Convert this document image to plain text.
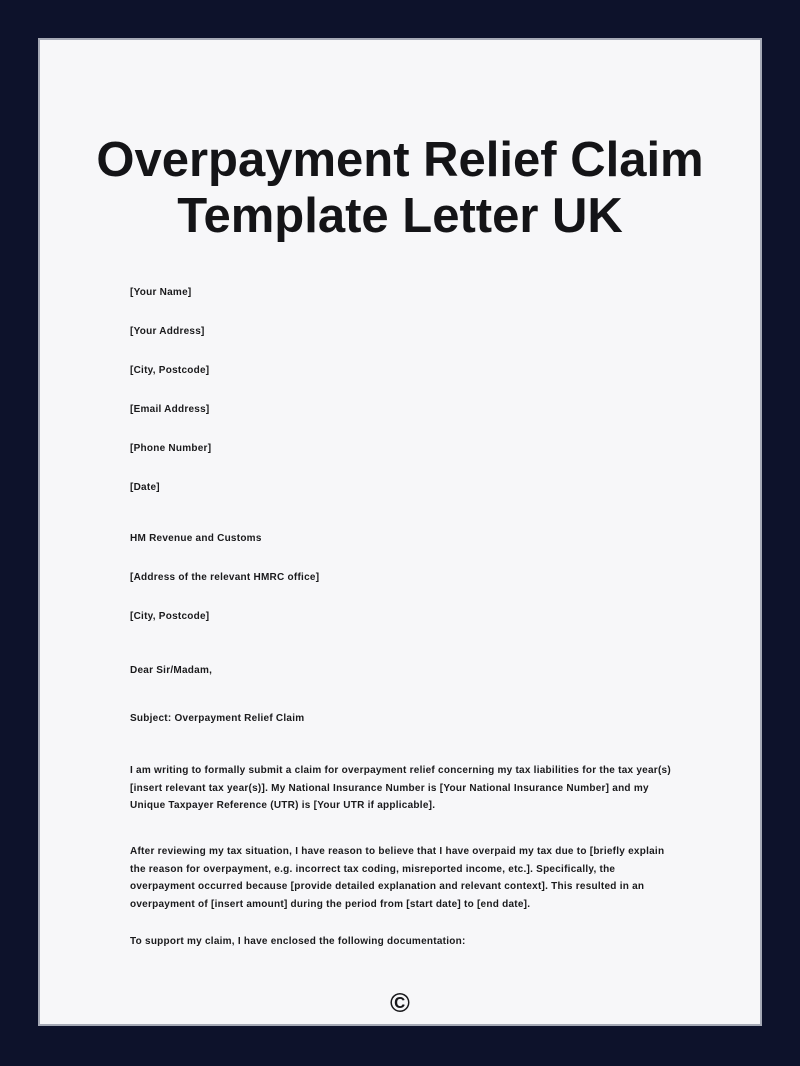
Overpayment Relief Claim
Template Letter UK

[Your Name]

[Your Address]

[City, Postcode]

[Email Address]

[Phone Number]

[Date]

HM Revenue and Customs

[Address of the relevant HMRC office]

[City, Postcode]

Dear Sir/Madam,

Subject: Overpayment Relief Claim

I am writing to formally submit a claim for overpayment relief concerning my tax liabilities for the tax year(s) [insert relevant tax year(s)]. My National Insurance Number is [Your National Insurance Number] and my Unique Taxpayer Reference (UTR) is [Your UTR if applicable].

After reviewing my tax situation, I have reason to believe that I have overpaid my tax due to [briefly explain the reason for overpayment, e.g. incorrect tax coding, misreported income, etc.]. Specifically, the overpayment occurred because [provide detailed explanation and relevant context]. This resulted in an overpayment of [insert amount] during the period from [start date] to [end date].

To support my claim, I have enclosed the following documentation:

©
